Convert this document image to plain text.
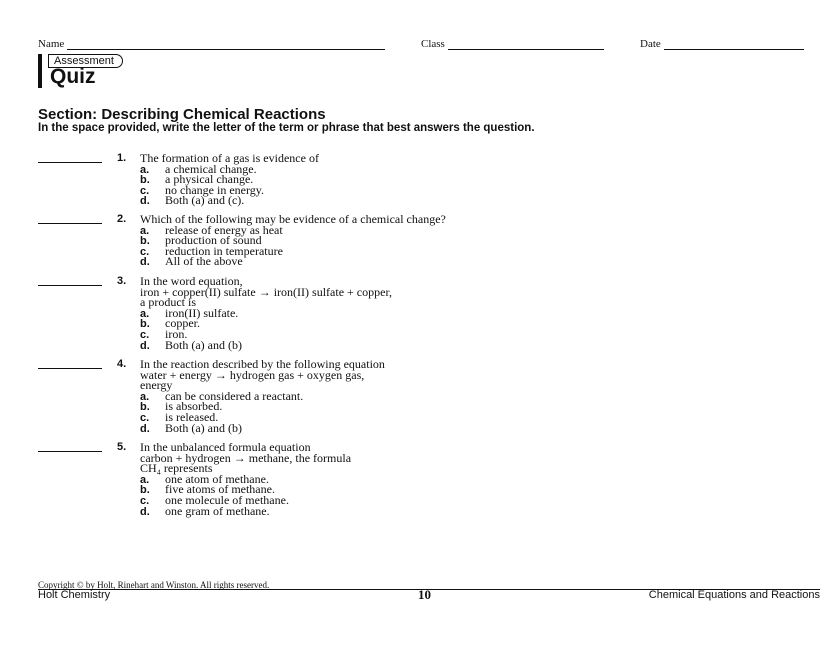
Name	Class	Date
Assessment
Quiz
Section: Describing Chemical Reactions
In the space provided, write the letter of the term or phrase that best answers the question.
1. The formation of a gas is evidence of
a. a chemical change.
b. a physical change.
c. no change in energy.
d. Both (a) and (c).
2. Which of the following may be evidence of a chemical change?
a. release of energy as heat
b. production of sound
c. reduction in temperature
d. All of the above
3. In the word equation,
iron + copper(II) sulfate → iron(II) sulfate + copper,
a product is
a. iron(II) sulfate.
b. copper.
c. iron.
d. Both (a) and (b)
4. In the reaction described by the following equation
water + energy → hydrogen gas + oxygen gas,
energy
a. can be considered a reactant.
b. is absorbed.
c. is released.
d. Both (a) and (b)
5. In the unbalanced formula equation
carbon + hydrogen → methane, the formula
CH₄ represents
a. one atom of methane.
b. five atoms of methane.
c. one molecule of methane.
d. one gram of methane.
Copyright © by Holt, Rinehart and Winston. All rights reserved.
Holt Chemistry	10	Chemical Equations and Reactions
